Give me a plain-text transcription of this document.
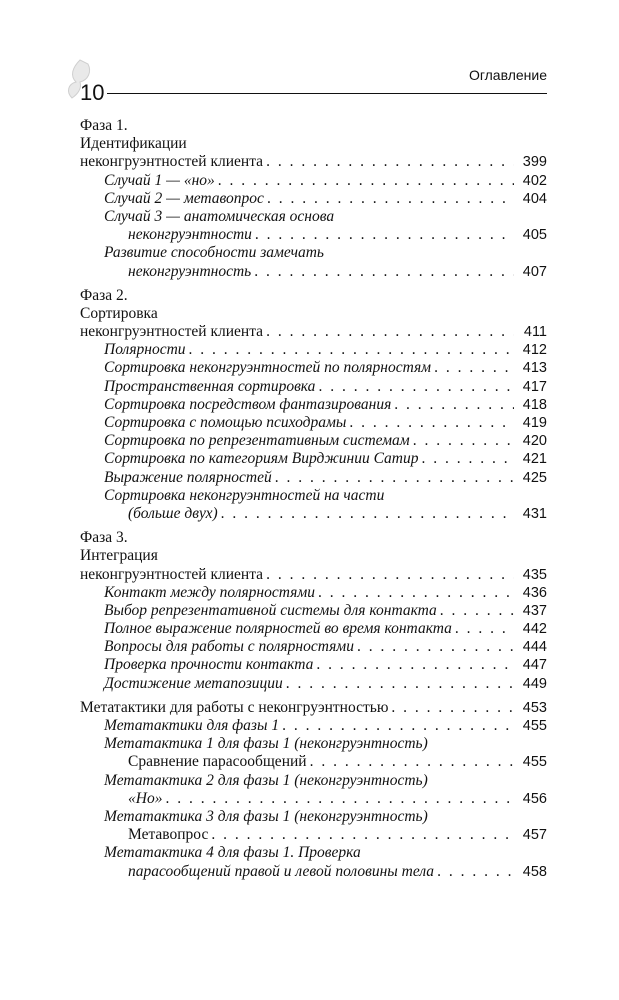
10
Оглавление
Фаза 1.
Идентификации
неконгруэнтностей клиента . . .	399
Случай 1 — «но» . . .	402
Случай 2 — метавопрос . . .	404
Случай 3 — анатомическая основа
неконгруэнтности . . .	405
Развитие способности замечать
неконгруэнтность . . .	407
Фаза 2.
Сортировка
неконгруэнтностей клиента . . .	411
Полярности . . .	412
Сортировка неконгруэнтностей по полярностям . . .	413
Пространственная сортировка . . .	417
Сортировка посредством фантазирования . . .	418
Сортировка с помощью психодрамы . . .	419
Сортировка по репрезентативным системам . . .	420
Сортировка по категориям Вирджинии Сатир . . .	421
Выражение полярностей . . .	425
Сортировка неконгруэнтностей на части
(больше двух) . . .	431
Фаза 3.
Интеграция
неконгруэнтностей клиента . . .	435
Контакт между полярностями . . .	436
Выбор репрезентативной системы для контакта . . .	437
Полное выражение полярностей во время контакта . . .	442
Вопросы для работы с полярностями . . .	444
Проверка прочности контакта . . .	447
Достижение метапозиции . . .	449
Метатактики для работы с неконгруэнтностью . . .	453
Метатактики для фазы 1 . . .	455
Метатактика 1 для фазы 1 (неконгруэнтность)
Сравнение парасообщений . . .	455
Метатактика 2 для фазы 1 (неконгруэнтность)
«Но» . . .	456
Метатактика 3 для фазы 1 (неконгруэнтность)
Метавопрос . . .	457
Метатактика 4 для фазы 1. Проверка
парасообщений правой и левой половины тела . . .	458
